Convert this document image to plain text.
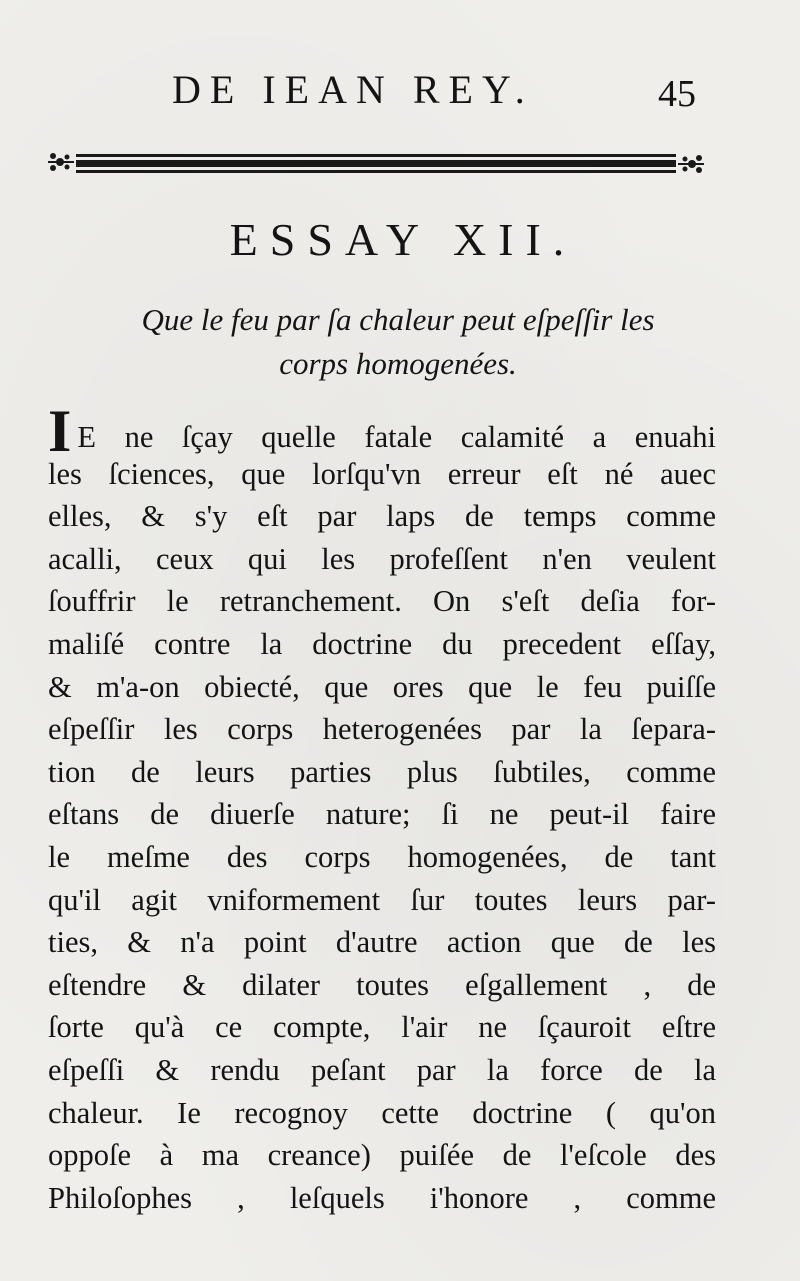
DE IEAN REY.	45
ESSAY XII.
Que le feu par ſa chaleur peut eſpeſſir les
corps homogenées.
I E ne ſçay quelle fatale calamité a enuahi
les ſciences, que lorſqu'vn erreur eſt né auec
elles, & s'y eſt par laps de temps comme
acalli, ceux qui les profeſſent n'en veulent
ſouffrir le retranchement. On s'eſt deſia for-
maliſé contre la doctrine du precedent eſſay,
& m'a-on obiecté, que ores que le feu puiſſe
eſpeſſir les corps heterogenées par la ſepara-
tion de leurs parties plus ſubtiles, comme
eſtans de diuerſe nature; ſi ne peut-il faire
le meſme des corps homogenées, de tant
qu'il agit vniformement ſur toutes leurs par-
ties, & n'a point d'autre action que de les
eſtendre & dilater toutes eſgallement , de
ſorte qu'à ce compte, l'air ne ſçauroit eſtre
eſpeſſi & rendu peſant par la force de la
chaleur. Ie recognoy cette doctrine ( qu'on
oppoſe à ma creance) puiſée de l'eſcole des
Philoſophes , leſquels i'honore , comme
